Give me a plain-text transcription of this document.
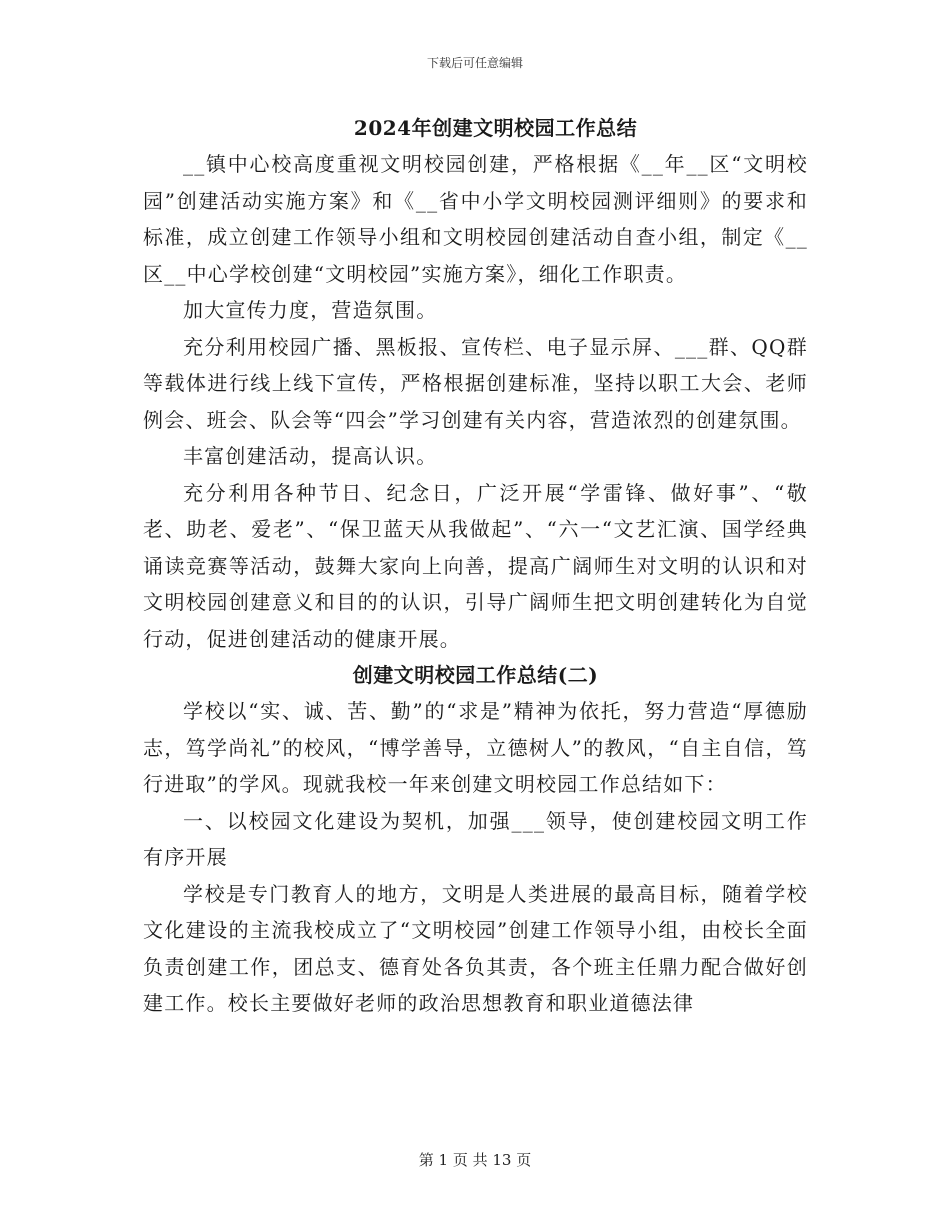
下载后可任意编辑
2024年创建文明校园工作总结

__镇中心校高度重视文明校园创建，严格根据《__年__区“文明校园”创建活动实施方案》和《__省中小学文明校园测评细则》的要求和标准，成立创建工作领导小组和文明校园创建活动自查小组，制定《__区__中心学校创建“文明校园”实施方案》，细化工作职责。

加大宣传力度，营造氛围。

充分利用校园广播、黑板报、宣传栏、电子显示屏、___群、QQ群等载体进行线上线下宣传，严格根据创建标准，坚持以职工大会、老师例会、班会、队会等“四会”学习创建有关内容，营造浓烈的创建氛围。

丰富创建活动，提高认识。

充分利用各种节日、纪念日，广泛开展“学雷锋、做好事”、“敬老、助老、爱老”、“保卫蓝天从我做起”、“六一“文艺汇演、国学经典诵读竞赛等活动，鼓舞大家向上向善，提高广阔师生对文明的认识和对文明校园创建意义和目的的认识，引导广阔师生把文明创建转化为自觉行动，促进创建活动的健康开展。

创建文明校园工作总结(二)

学校以“实、诚、苦、勤”的“求是”精神为依托，努力营造“厚德励志，笃学尚礼”的校风，“博学善导，立德树人”的教风，“自主自信，笃行进取”的学风。现就我校一年来创建文明校园工作总结如下：

一、以校园文化建设为契机，加强___领导，使创建校园文明工作有序开展

学校是专门教育人的地方，文明是人类进展的最高目标，随着学校文化建设的主流我校成立了“文明校园”创建工作领导小组，由校长全面负责创建工作，团总支、德育处各负其责，各个班主任鼎力配合做好创建工作。校长主要做好老师的政治思想教育和职业道德法律

第 1 页 共 13 页
